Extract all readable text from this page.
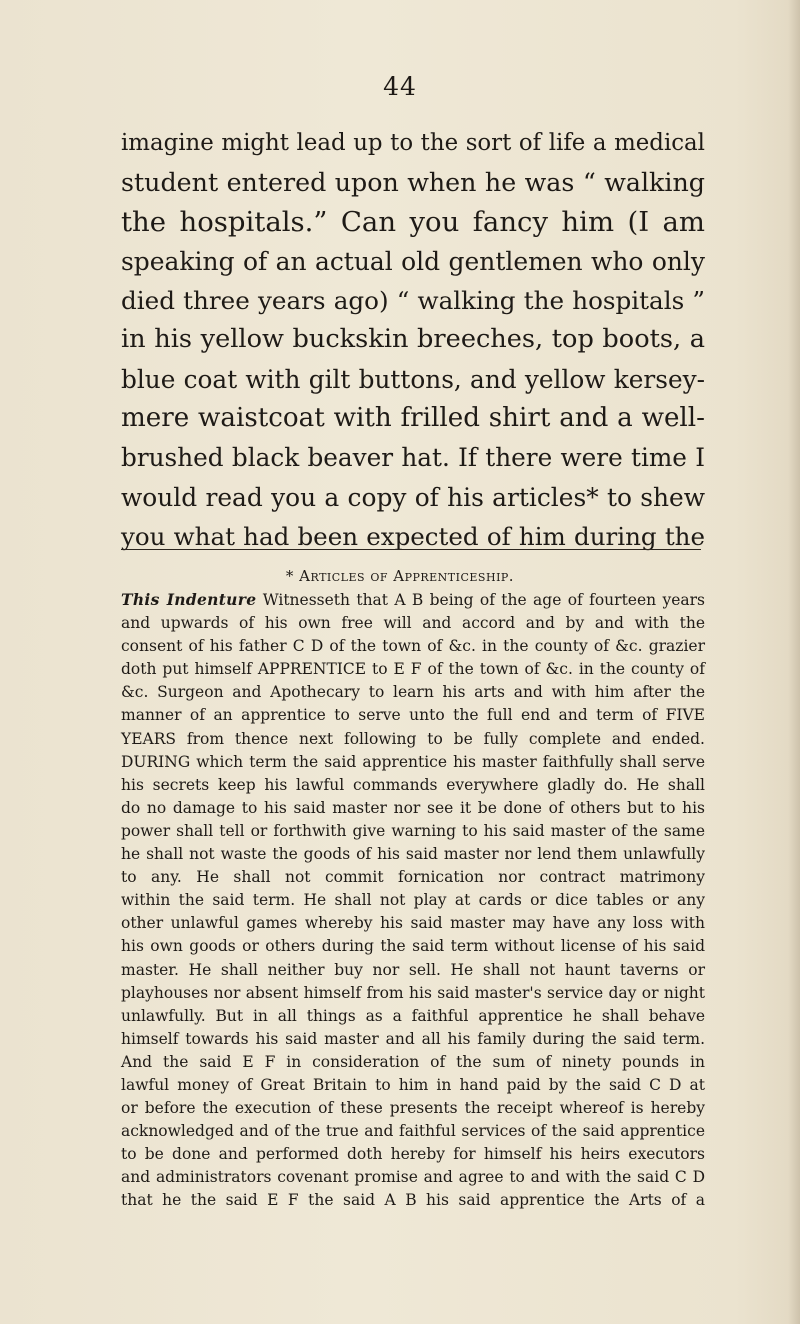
44
imagine might lead up to the sort of life a medical
student entered upon when he was “ walking
the hospitals.” Can you fancy him (I am
speaking of an actual old gentlemen who only
died three years ago) “ walking the hospitals ”
in his yellow buckskin breeches, top boots, a
blue coat with gilt buttons, and yellow kersey-
mere waistcoat with frilled shirt and a well-
brushed black beaver hat. If there were time I
would read you a copy of his articles* to shew
you what had been expected of him during the
* Articles of Apprenticeship.
This Indenture Witnesseth that A B being of the age of fourteen years
and upwards of his own free will and accord and by and with the
consent of his father C D of the town of &c. in the county of &c. grazier
doth put himself APPRENTICE to E F of the town of &c. in the county of
&c. Surgeon and Apothecary to learn his arts and with him after the
manner of an apprentice to serve unto the full end and term of FIVE
YEARS from thence next following to be fully complete and ended.
DURING which term the said apprentice his master faithfully shall serve
his secrets keep his lawful commands everywhere gladly do. He shall
do no damage to his said master nor see it be done of others but to his
power shall tell or forthwith give warning to his said master of the same
he shall not waste the goods of his said master nor lend them unlawfully
to any. He shall not commit fornication nor contract matrimony
within the said term. He shall not play at cards or dice tables or any
other unlawful games whereby his said master may have any loss with
his own goods or others during the said term without license of his said
master. He shall neither buy nor sell. He shall not haunt taverns or
playhouses nor absent himself from his said master's service day or night
unlawfully. But in all things as a faithful apprentice he shall behave
himself towards his said master and all his family during the said term.
And the said E F in consideration of the sum of ninety pounds in
lawful money of Great Britain to him in hand paid by the said C D at
or before the execution of these presents the receipt whereof is hereby
acknowledged and of the true and faithful services of the said apprentice
to be done and performed doth hereby for himself his heirs executors
and administrators covenant promise and agree to and with the said C D
that he the said E F the said A B his said apprentice the Arts of a
